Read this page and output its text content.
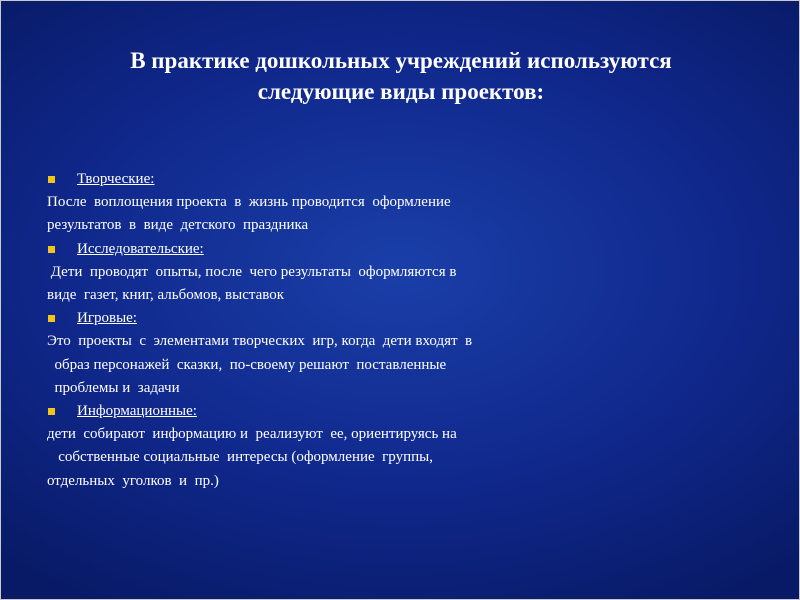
В практике дошкольных учреждений используются
следующие виды проектов:
Творческие:
После  воплощения проекта  в  жизнь проводится  оформление
результатов  в  виде  детского  праздника
Исследовательские:
Дети  проводят  опыты, после  чего результаты  оформляются в
виде  газет, книг, альбомов, выставок
Игровые:
Это  проекты  с  элементами творческих  игр, когда  дети входят  в
образ персонажей  сказки,  по-своему решают  поставленные
проблемы и  задачи
Информационные:
дети  собирают  информацию и  реализуют  ее, ориентируясь на
собственные социальные  интересы (оформление  группы,
отдельных  уголков  и  пр.)
